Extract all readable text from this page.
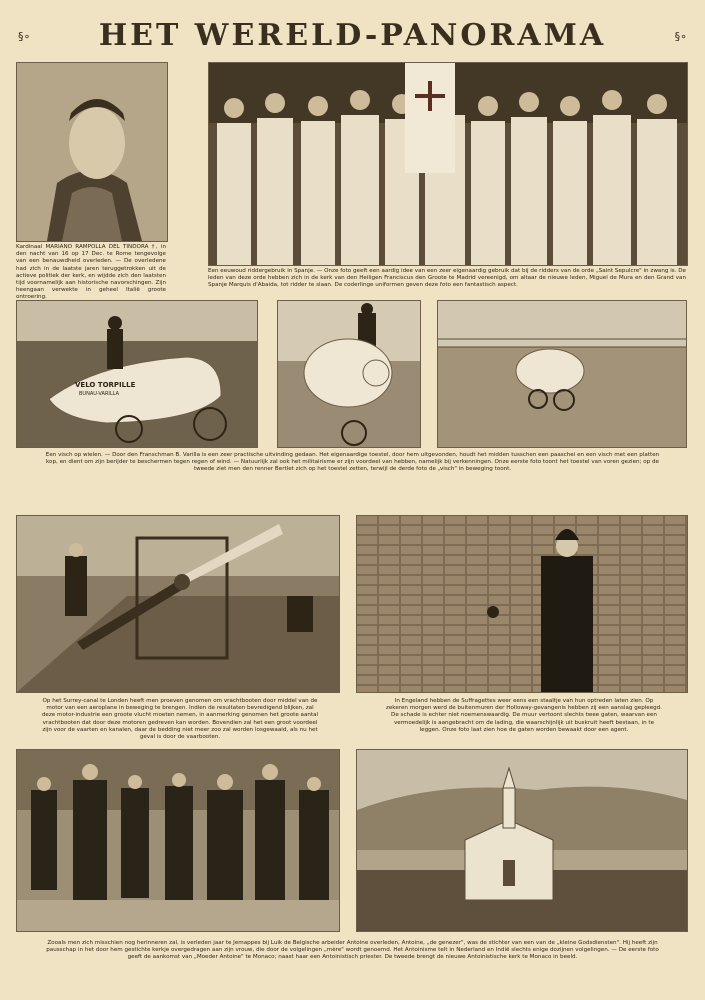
§∘	§∘
HET WERELD-PANORAMA
Kardinaal MARIANO RAMPOLLA DEL TINDORA †, in den nacht van 16 op 17 Dec. te Rome tengevolge van een benauwdheid overleden. — De overledene had zich in de laatste jaren teruggetrokken uit de actieve politiek der kerk, en wijdde zich den laatsten tijd voornamelijk aan historische navorschingen. Zijn heengaan verwekte in geheel Italië groote ontroering.
Een eeuwoud riddergebruik in Spanje. — Onze foto geeft een aardig idee van een zeer eigenaardig gebruik dat bij de ridders van de orde „Saint Sepulcre" in zwang is. De leden van deze orde hebben zich in de kerk van den Heiligen Franciscus den Groote te Madrid vereenigd, om altaar de nieuwe leden, Miguel de Mura en den Grand van Spanje Marquis d'Abaida, tot ridder te slaan. De coderlinge uniformen geven deze foto een fantastisch aspect.
VELO TORPILLE
BUNAU-VARILLA
Een visch op wielen. — Door den Franschman B. Varilla is een zeer practische uitvinding gedaan. Het eigenaardige toestel, door hem uitgevonden, houdt het midden tusschen een paaschei en een visch met een platten kop, en dient om zijn berijder te beschermen tegen regen of wind. — Natuurlijk zal ook het militairisme er zijn voordeel van hebben, namelijk bij verkenningen. Onze eerste foto toont het toestel van voren gezien; op de tweede ziet men den renner Bertlet zich op het toestel zetten, terwijl de derde foto de „visch" in beweging toont.
Op het Surrey-canal te Londen heeft men proeven genomen om vrachtbooten door middel van de motor van een aeroplane in beweging te brengen. Indien de resultaten bevredigend blijken, zal deze motor-industrie een groote vlucht moeten nemen, in aanmerking genomen het groote aantal vrachtbooten dat door deze motoren gedreven kan worden. Bovendien zal het een groot voordeel zijn voor de vaarten en kanalen, daar de bedding niet meer zoo zal worden losgewaaid, als nu het geval is door de vaarbooten.
In Engeland hebben de Suffragettes weer eens een staaltje van hun optreden laten zien. Op zekeren morgen werd de buitenmuren der Holloway-gevangenis hebben zij een aanslag gepleegd. De schade is echter niet noemenswaardig. De muur vertoont slechts twee gaten, waarvan een vermoedelijk is aangebracht om de lading, die waarschijnlijk uit buskruit heeft bestaan, in te leggen. Onze foto laat zien hoe de gaten worden bewaakt door een agent.
Zooals men zich misschien nog herinneren zal, is verleden jaar te Jemappes bij Luik de Belgische arbeider Antoine overleden, Antoine, „de genezer", was de stichter van een van de „kleine Godsdiensten". Hij heeft zijn pausschap in het door hem gestichte kerkje overgedragen aan zijn vrouw, die door de volgelingen „mère" wordt genoemd. Het Antoinisme telt in Nederland en Indië slechts enige dozijnen volgelingen. — De eerste foto geeft de aankomst van „Moeder Antoine" te Monaco; naast haar een Antoinistisch priester. De tweede brengt de nieuwe Antoinistische kerk te Monaco in beeld.
